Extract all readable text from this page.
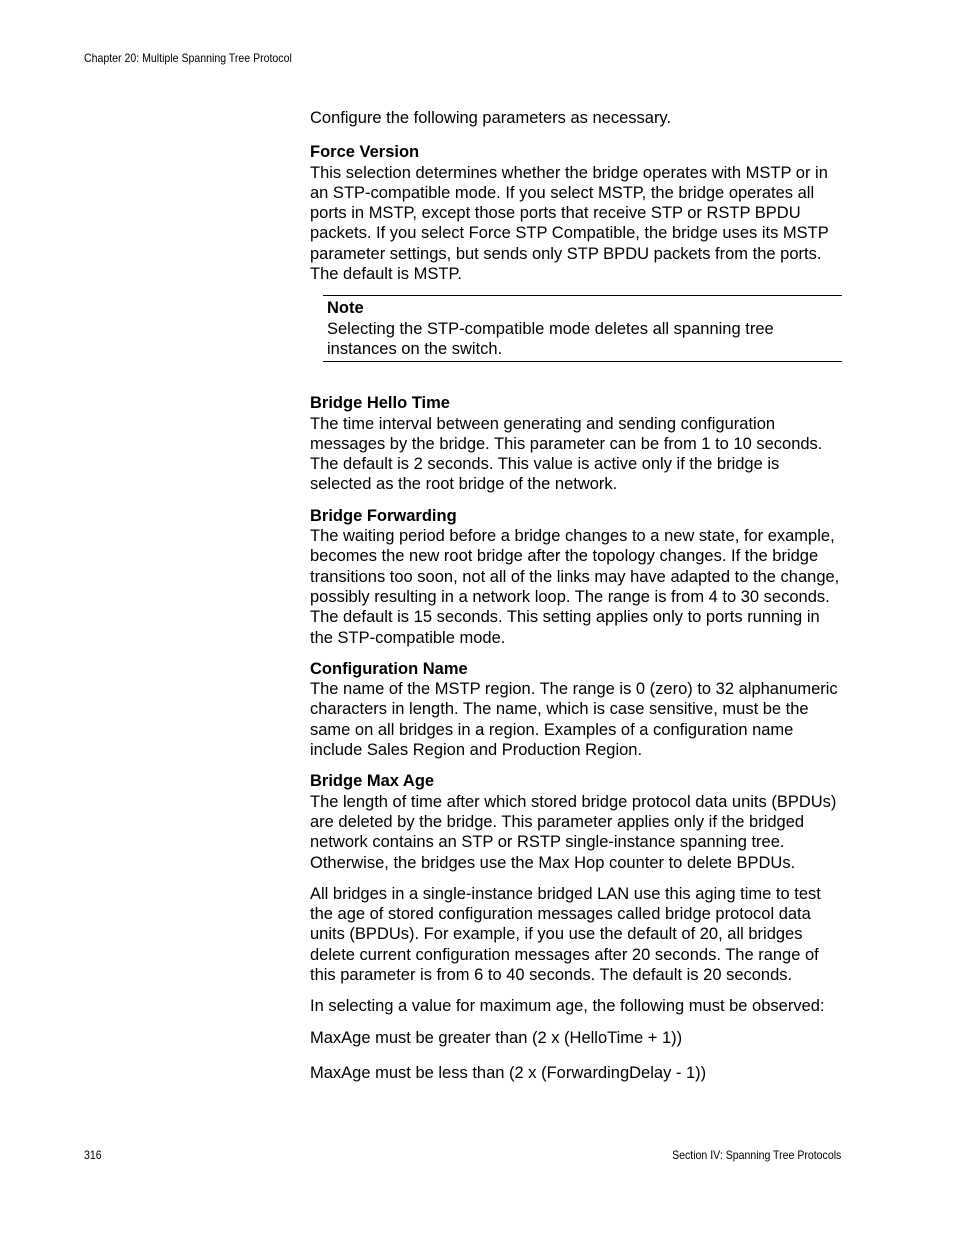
Chapter 20: Multiple Spanning Tree Protocol

Configure the following parameters as necessary.

Force Version

This selection determines whether the bridge operates with MSTP or in an STP-compatible mode. If you select MSTP, the bridge operates all ports in MSTP, except those ports that receive STP or RSTP BPDU packets. If you select Force STP Compatible, the bridge uses its MSTP parameter settings, but sends only STP BPDU packets from the ports. The default is MSTP.

Note

Selecting the STP-compatible mode deletes all spanning tree instances on the switch.

Bridge Hello Time

The time interval between generating and sending configuration messages by the bridge. This parameter can be from 1 to 10 seconds. The default is 2 seconds. This value is active only if the bridge is selected as the root bridge of the network.

Bridge Forwarding

The waiting period before a bridge changes to a new state, for example, becomes the new root bridge after the topology changes. If the bridge transitions too soon, not all of the links may have adapted to the change, possibly resulting in a network loop. The range is from 4 to 30 seconds. The default is 15 seconds. This setting applies only to ports running in the STP-compatible mode.

Configuration Name

The name of the MSTP region. The range is 0 (zero) to 32 alphanumeric characters in length. The name, which is case sensitive, must be the same on all bridges in a region. Examples of a configuration name include Sales Region and Production Region.

Bridge Max Age

The length of time after which stored bridge protocol data units (BPDUs) are deleted by the bridge. This parameter applies only if the bridged network contains an STP or RSTP single-instance spanning tree. Otherwise, the bridges use the Max Hop counter to delete BPDUs.

All bridges in a single-instance bridged LAN use this aging time to test the age of stored configuration messages called bridge protocol data units (BPDUs). For example, if you use the default of 20, all bridges delete current configuration messages after 20 seconds. The range of this parameter is from 6 to 40 seconds. The default is 20 seconds.

In selecting a value for maximum age, the following must be observed:

MaxAge must be greater than (2 x (HelloTime + 1))

MaxAge must be less than (2 x (ForwardingDelay - 1))

316	Section IV: Spanning Tree Protocols
